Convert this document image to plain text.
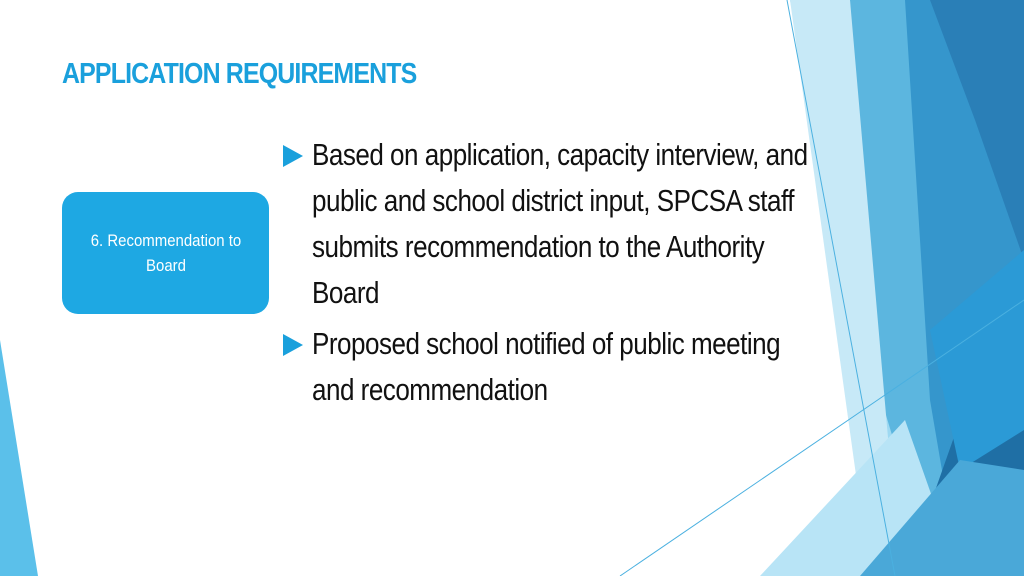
APPLICATION REQUIREMENTS
6. Recommendation to Board
Based on application, capacity interview, and public and school district input, SPCSA staff submits recommendation to the Authority Board
Proposed school notified of public meeting and recommendation
